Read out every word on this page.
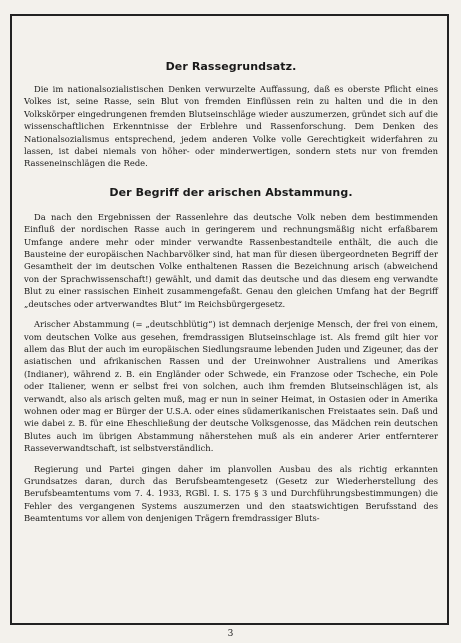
Der Rassegrundsatz.

Die im nationalsozialistischen Denken verwurzelte Auffassung, daß es oberste Pflicht eines Volkes ist, seine Rasse, sein Blut von fremden Einflüssen rein zu halten und die in den Volkskörper eingedrungenen fremden Blutseinschläge wieder auszumerzen, gründet sich auf die wissenschaftlichen Erkenntnisse der Erblehre und Rassenforschung. Dem Denken des Nationalsozialismus entsprechend, jedem anderen Volke volle Gerechtigkeit widerfahren zu lassen, ist dabei niemals von höher- oder minderwertigen, sondern stets nur von fremden Rasseneinschlägen die Rede.

Der Begriff der arischen Abstammung.

Da nach den Ergebnissen der Rassenlehre das deutsche Volk neben dem bestimmenden Einfluß der nordischen Rasse auch in geringerem und rechnungsmäßig nicht erfaßbarem Umfange andere mehr oder minder verwandte Rassenbestandteile enthält, die auch die Bausteine der europäischen Nachbarvölker sind, hat man für diesen übergeordneten Begriff der Gesamtheit der im deutschen Volke enthaltenen Rassen die Bezeichnung arisch (abweichend von der Sprachwissenschaft!) gewählt, und damit das deutsche und das diesem eng verwandte Blut zu einer rassischen Einheit zusammengefaßt. Genau den gleichen Umfang hat der Begriff „deutsches oder artverwandtes Blut“ im Reichsbürgergesetz.

Arischer Abstammung (= „deutschblütig“) ist demnach derjenige Mensch, der frei von einem, vom deutschen Volke aus gesehen, fremdrassigen Blutseinschlage ist. Als fremd gilt hier vor allem das Blut der auch im europäischen Siedlungsraume lebenden Juden und Zigeuner, das der asiatischen und afrikanischen Rassen und der Ureinwohner Australiens und Amerikas (Indianer), während z. B. ein Engländer oder Schwede, ein Franzose oder Tscheche, ein Pole oder Italiener, wenn er selbst frei von solchen, auch ihm fremden Blutseinschlägen ist, als verwandt, also als arisch gelten muß, mag er nun in seiner Heimat, in Ostasien oder in Amerika wohnen oder mag er Bürger der U.S.A. oder eines südamerikanischen Freistaates sein. Daß und wie dabei z. B. für eine Eheschließung der deutsche Volksgenosse, das Mädchen rein deutschen Blutes auch im übrigen Abstammung näherstehen muß als ein anderer Arier entfernterer Rasseverwandtschaft, ist selbstverständlich.

Regierung und Partei gingen daher im planvollen Ausbau des als richtig erkannten Grundsatzes daran, durch das Berufsbeamtengesetz (Gesetz zur Wiederherstellung des Berufsbeamtentums vom 7. 4. 1933, RGBl. I. S. 175 § 3 und Durchführungsbestimmungen) die Fehler des vergangenen Systems auszumerzen und den staatswichtigen Berufsstand des Beamtentums vor allem von denjenigen Trägern fremdrassiger Bluts-

3
